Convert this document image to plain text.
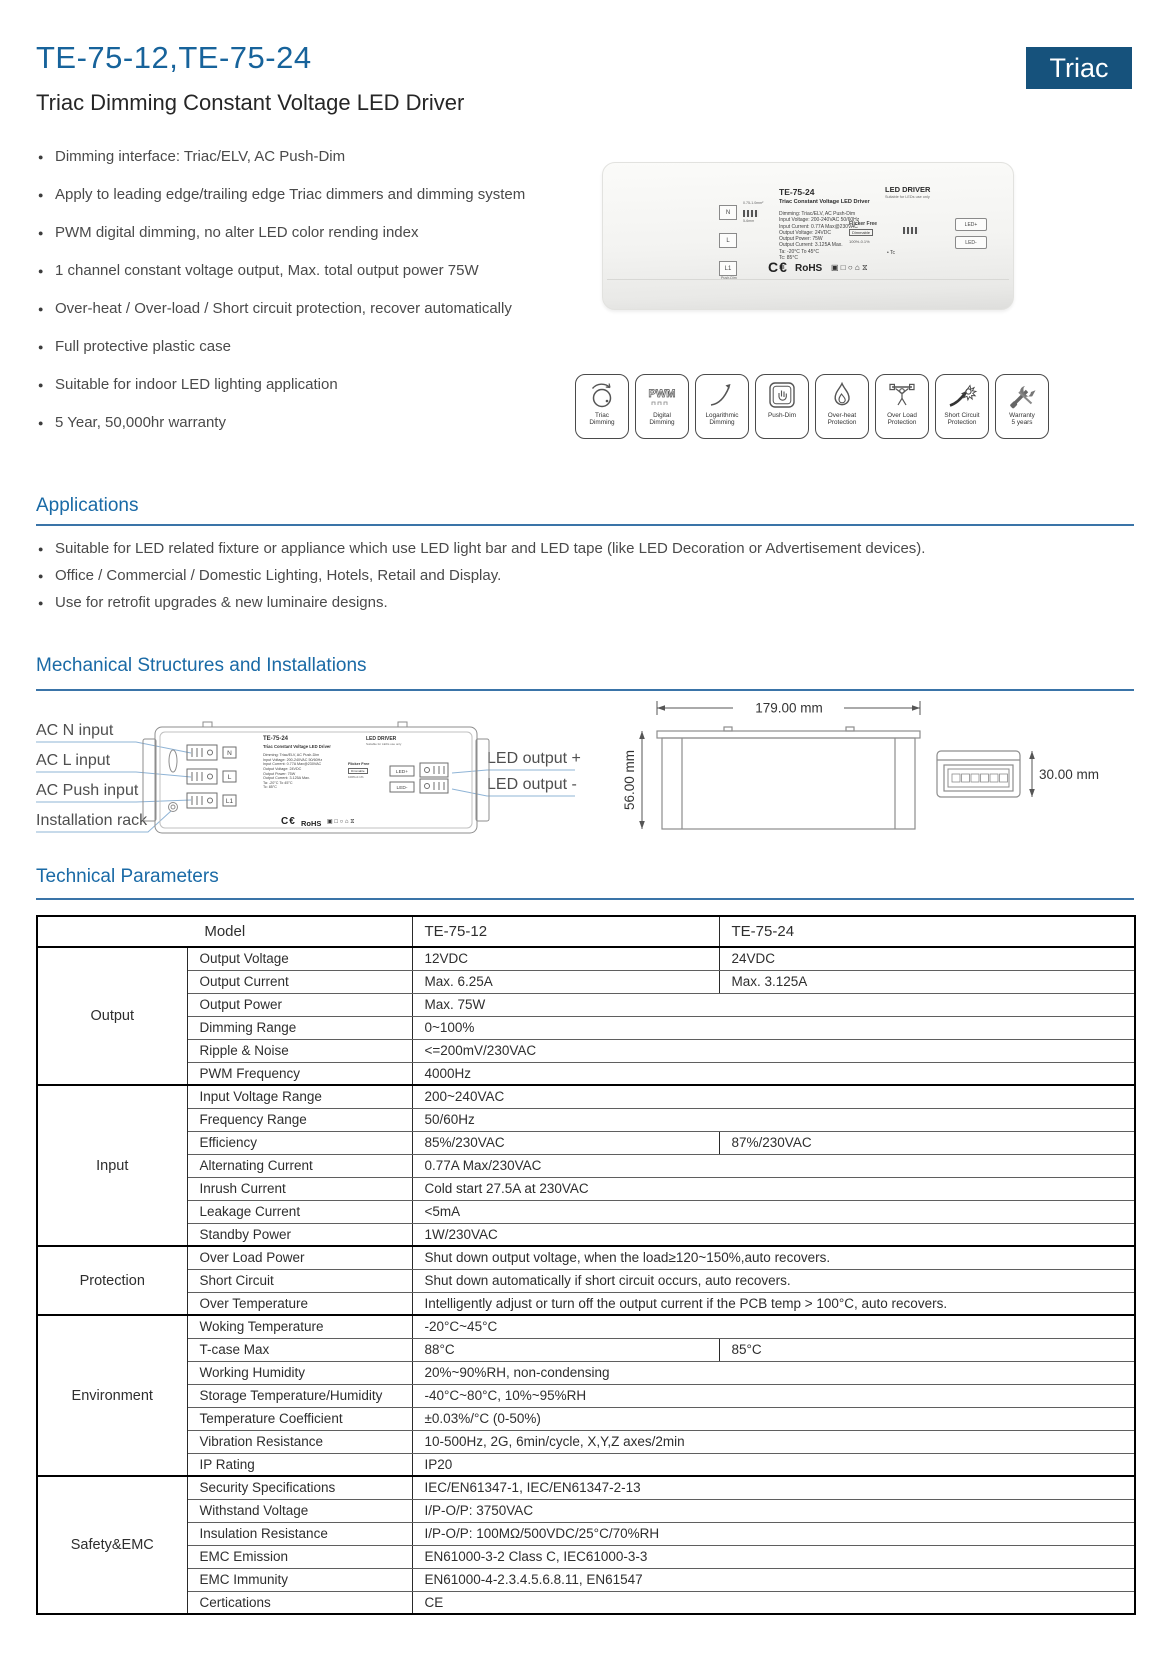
TE-75-12,TE-75-24	Triac
Triac Dimming Constant Voltage LED Driver
● Dimming interface: Triac/ELV, AC Push-Dim
● Apply to leading edge/trailing edge Triac dimmers and dimming system
● PWM digital dimming, no alter LED color rending index
● 1 channel constant voltage output, Max. total output power 75W
● Over-heat / Over-load / Short circuit protection, recover automatically
● Full protective plastic case
● Suitable for indoor LED lighting application
● 5 Year, 50,000hr warranty
N
L
L1
Push-Dim
0.75-1.0mm²
5-6mm
TE-75-24
Triac Constant Voltage LED Driver
Dimming: Triac/ELV, AC Push-Dim
Input Voltage: 200-240VAC 50/60Hz
Input Current: 0.77A Max@230VAC
Output Voltage: 24VDC
Output Power: 75W
Output Current: 3.125A Max.
Ta: -20°C To 45°C
Tc: 85°C
• Tc
LED DRIVER
Suitable for LEDs use only
Flicker Free
Dimmable
100%-0.1%
LED+
LED-
C€ RoHS ▣ □ ○ ⌂ ⧖
Triac
Dimming
PWM
Digital
Dimming
Logarithmic
Dimming
Push-Dim	Over-heat
Protection
Over Load
Protection
Short Circuit
Protection
Warranty
5 years
Applications
● Suitable for LED related fixture or appliance which use LED light bar and LED tape (like LED Decoration or Advertisement devices).
● Office / Commercial / Domestic Lighting, Hotels, Retail and Display.
● Use for retrofit upgrades & new luminaire designs.
Mechanical Structures and Installations
AC N input
AC L input
AC Push input
Installation rack
LED output +
LED output -
N
L
L1
LED+
LED-
179.00 mm
56.00 mm	30.00 mm
TE-75-24
Triac Constant Voltage LED Driver
Dimming: Triac/ELV, AC Push-Dim
Input Voltage: 200-240VAC 50/60Hz
Input Current: 0.77A Max@230VAC
Output Voltage: 24VDC
Output Power: 75W
Output Current: 3.125A Max.
Ta: -20°C To 45°C
Tc: 85°C
LED DRIVER
Suitable for LEDs use only
Flicker Free
Dimmable
100%-0.1%
C€ RoHS ▣ □ ○ ⌂ ⧖
Technical Parameters
Model		TE-75-12	TE-75-24
Output	Output Voltage	12VDC	24VDC
	Output Current	Max. 6.25A	Max. 3.125A
	Output Power	Max. 75W	
	Dimming Range	0~100%	
	Ripple & Noise	<=200mV/230VAC	
	PWM Frequency	4000Hz	
Input	Input Voltage Range	200~240VAC	
	Frequency Range	50/60Hz	
	Efficiency	85%/230VAC	87%/230VAC
	Alternating Current	0.77A Max/230VAC	
	Inrush Current	Cold start 27.5A at 230VAC	
	Leakage Current	<5mA	
	Standby Power	1W/230VAC	
Protection	Over Load Power	Shut down output voltage, when the load≥120~150%,auto recovers.	
	Short Circuit	Shut down automatically if short circuit occurs, auto recovers.	
	Over Temperature	Intelligently adjust or turn off the output current if the PCB temp > 100°C, auto recovers.	
Environment	Woking Temperature	-20°C~45°C	
	T-case Max	88°C	85°C
	Working Humidity	20%~90%RH, non-condensing	
	Storage Temperature/Humidity	-40°C~80°C, 10%~95%RH	
	Temperature Coefficient	±0.03%/°C (0-50%)	
	Vibration Resistance	10-500Hz, 2G, 6min/cycle, X,Y,Z axes/2min	
	IP Rating	IP20	
Safety&EMC	Security Specifications	IEC/EN61347-1, IEC/EN61347-2-13	
	Withstand Voltage	I/P-O/P: 3750VAC	
	Insulation Resistance	I/P-O/P: 100MΩ/500VDC/25°C/70%RH	
	EMC Emission	EN61000-3-2 Class C, IEC61000-3-3	
	EMC Immunity	EN61000-4-2.3.4.5.6.8.11, EN61547	
	Certications	CE	
